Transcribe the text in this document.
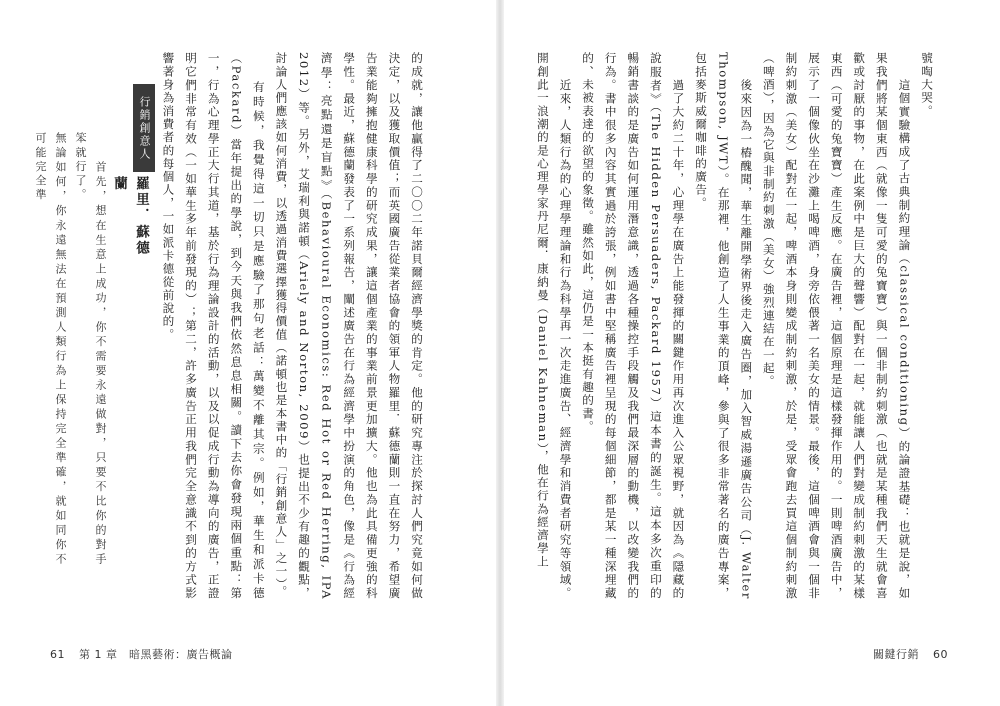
號啕大哭。
　　這個實驗構成了古典制約理論（classical conditioning）的論證基礎：也就是說，如果我們將某個東西（就像一隻可愛的兔寶寶）與一個非制約刺激（也就是某種我們天生就會喜歡或討厭的事物，在此案例中是巨大的聲響）配對在一起，就能讓人們對變成制約刺激的某樣東西（可愛的兔寶寶）產生反應。在廣告裡，這個原理是這樣發揮作用的。一則啤酒廣告中，展示了一個像伙坐在沙灘上喝啤酒，身旁依偎著一名美女的情景。最後，這個啤酒會與一個非制約刺激（美女）配對在一起，啤酒本身則變成制約刺激，於是，受眾會跑去買這個制約刺激（啤酒），因為它與非制約刺激（美女）強烈連結在一起。
　　後來因為一樁醜聞，華生離開學術界後走入廣告圈，加入智威湯遜廣告公司（J. Walter Thompson, JWT）。在那裡，他創造了人生事業的頂峰，參與了很多非常著名的廣告專案，包括麥斯威爾咖啡的廣告。
　　過了大約二十年，心理學在廣告上能發揮的關鍵作用再次進入公眾視野，就因為《隱藏的說服者》（The Hidden Persuaders, Packard 1957）這本書的誕生。這本多次重印的暢銷書談的是廣告如何運用潛意識，透過各種操控手段觸及我們最深層的動機，以改變我們的行為。書中很多內容其實過於誇張，例如書中堅稱廣告裡呈現的每個細節，都是某一種深埋藏的、未被表達的欲望的象徵。雖然如此，這仍是一本挺有趣的書。
　　近來，人類行為的心理學理論和行為科學再一次走進廣告、經濟學和消費者研究等領域。開創此一浪潮的是心理學家丹尼爾．康納曼（Daniel Kahneman），他在行為經濟學上
關鍵行銷 60
的成就，讓他贏得了二〇〇二年諾貝爾經濟學獎的肯定。他的研究專注於探討人們究竟如何做決定，以及獲取價值；而英國廣告從業者協會的領軍人物羅里．蘇德蘭則一直在努力，希望廣告業能夠擁抱健康科學的研究成果，讓這個產業的事業前景更加擴大。他也為此具備更強的科學性。最近，蘇德蘭發表了一系列報告，闡述廣告在行為經濟學中扮演的角色，像是《行為經濟學：亮點還是盲點》（Behavioural Economics: Red Hot or Red Herring, IPA 2012）等。另外，艾瑞利與諾頓（Ariely and Norton, 2009）也提出不少有趣的觀點，討論人們應該如何消費，以透過消費選擇獲得價值（諾頓也是本書中的「行銷創意人」之一）。
　　有時候，我覺得這一切只是應驗了那句老話：萬變不離其宗。例如，華生和派卡德（Packard）當年提出的學說，到今天與我們依然息息相關。讀下去你會發現兩個重點：第一，行為心理學正大行其道，基於行為理論設計的活動，以及以促成行動為導向的廣告，正證明它們非常有效（一如華生多年前發現的）；第二，許多廣告正用我們完全意識不到的方式影響著身為消費者的每個人，一如派卡德從前說的。
行銷創意人
羅里．蘇德蘭
　　首先，想在生意上成功，你不需要永遠做對，只要不比你的對手笨就行了。
無論如何，你永遠無法在預測人類行為上保持完全準確，就如同你不可能完全準
61 第 1 章　暗黑藝術：廣告概論
